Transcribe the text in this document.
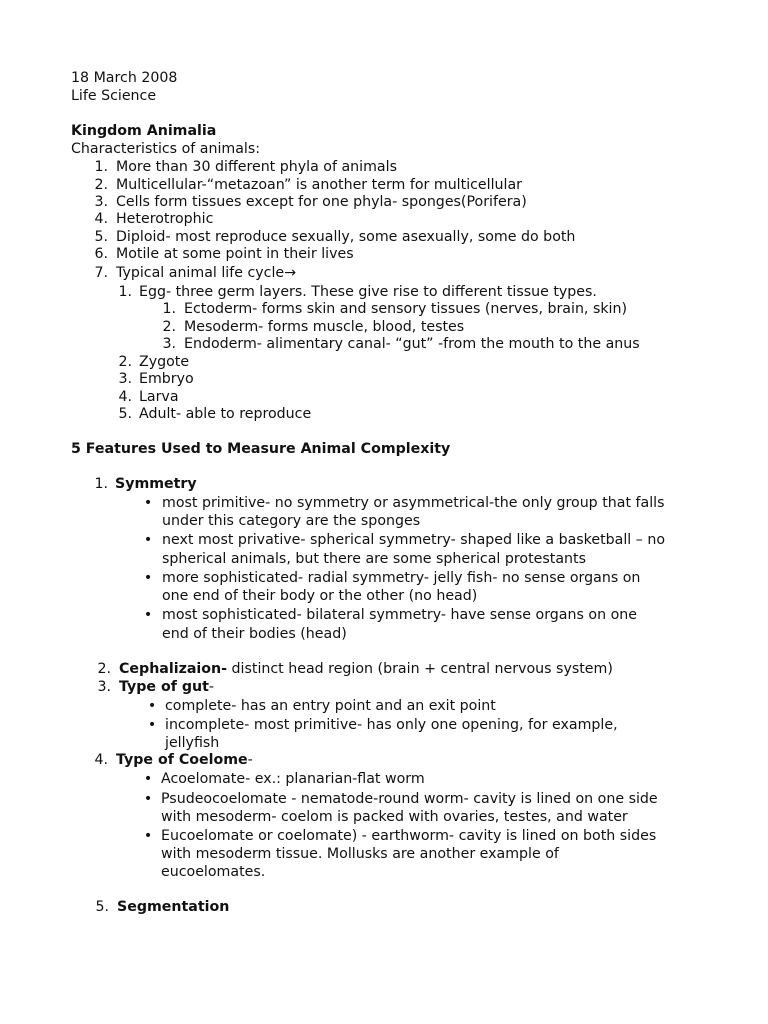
18 March 2008
Life Science
Kingdom Animalia
Characteristics of animals:
1. More than 30 different phyla of animals
2. Multicellular-“metazoan” is another term for multicellular
3. Cells form tissues except for one phyla- sponges(Porifera)
4. Heterotrophic
5. Diploid- most reproduce sexually, some asexually, some do both
6. Motile at some point in their lives
7. Typical animal life cycle→
1. Egg- three germ layers. These give rise to different tissue types.
1. Ectoderm- forms skin and sensory tissues (nerves, brain, skin)
2. Mesoderm- forms muscle, blood, testes
3. Endoderm- alimentary canal- “gut” -from the mouth to the anus
2. Zygote
3. Embryo
4. Larva
5. Adult- able to reproduce
5 Features Used to Measure Animal Complexity
1. Symmetry
• most primitive- no symmetry or asymmetrical-the only group that falls
under this category are the sponges
• next most privative- spherical symmetry- shaped like a basketball – no
spherical animals, but there are some spherical protestants
• more sophisticated- radial symmetry- jelly fish- no sense organs on
one end of their body or the other (no head)
• most sophisticated- bilateral symmetry- have sense organs on one
end of their bodies (head)
2. Cephalizaion- distinct head region (brain + central nervous system)
3. Type of gut-
• complete- has an entry point and an exit point
• incomplete- most primitive- has only one opening, for example,
jellyfish
4. Type of Coelome-
• Acoelomate- ex.: planarian-flat worm
• Psudeocoelomate - nematode-round worm- cavity is lined on one side
with mesoderm- coelom is packed with ovaries, testes, and water
• Eucoelomate or coelomate) - earthworm- cavity is lined on both sides
with mesoderm tissue. Mollusks are another example of
eucoelomates.
5. Segmentation
